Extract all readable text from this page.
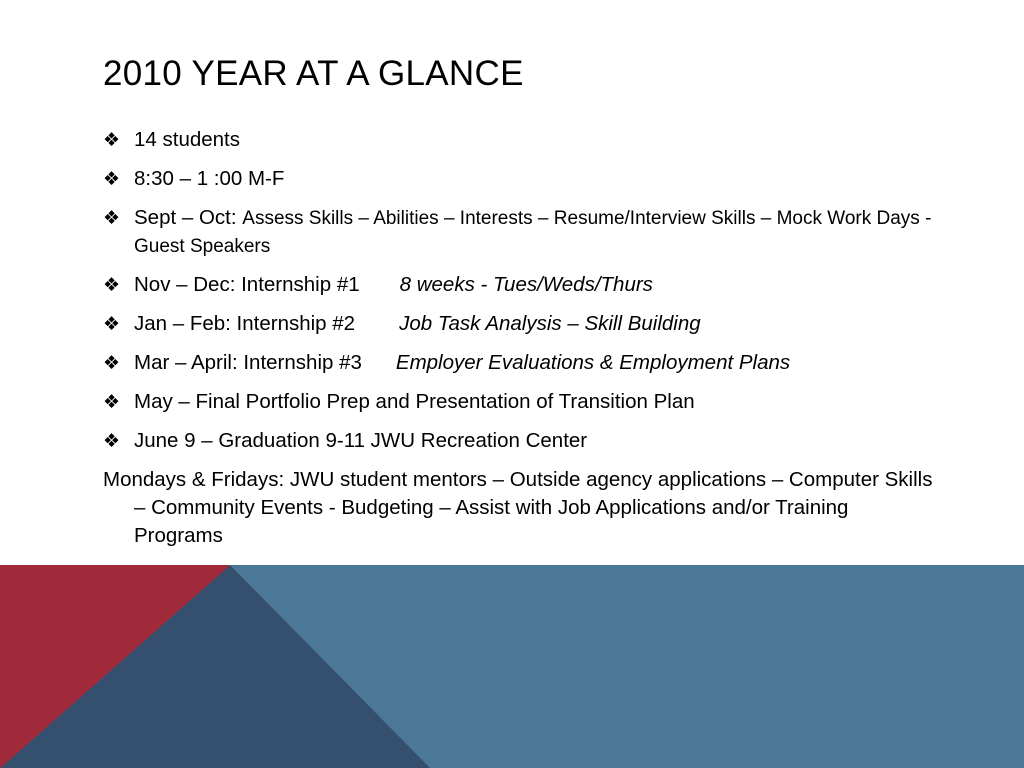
2010 YEAR AT A GLANCE
❖ 14 students
❖ 8:30 – 1 :00 M-F
❖ Sept – Oct: Assess Skills – Abilities – Interests – Resume/Interview Skills – Mock Work Days - Guest Speakers
❖ Nov – Dec: Internship #1 8 weeks - Tues/Weds/Thurs
❖ Jan – Feb: Internship #2 Job Task Analysis – Skill Building
❖ Mar – April: Internship #3 Employer Evaluations & Employment Plans
❖ May – Final Portfolio Prep and Presentation of Transition Plan
❖ June 9 – Graduation 9-11 JWU Recreation Center

Mondays & Fridays: JWU student mentors – Outside agency applications – Computer Skills – Community Events - Budgeting – Assist with Job Applications and/or Training Programs
